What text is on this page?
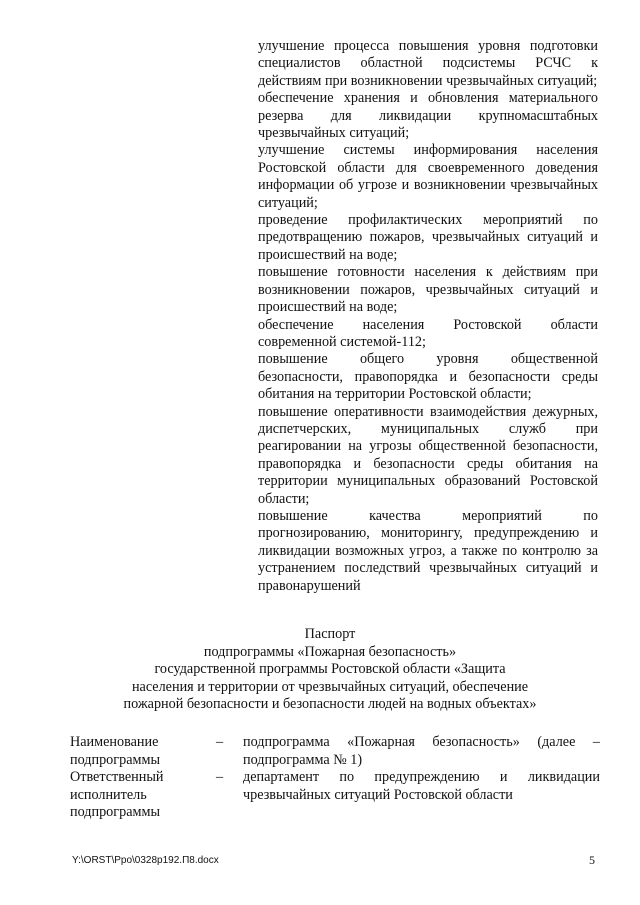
улучшение процесса повышения уровня подготовки специалистов областной подсистемы РСЧС к действиям при возникновении чрезвычайных ситуаций;

обеспечение хранения и обновления материального резерва для ликвидации крупномасштабных чрезвычайных ситуаций;

улучшение системы информирования населения Ростовской области для своевременного доведения информации об угрозе и возникновении чрезвычайных ситуаций;

проведение профилактических мероприятий по предотвращению пожаров, чрезвычайных ситуаций и происшествий на воде;

повышение готовности населения к действиям при возникновении пожаров, чрезвычайных ситуаций и происшествий на воде;

обеспечение населения Ростовской области современной системой-112;

повышение общего уровня общественной безопасности, правопорядка и безопасности среды обитания на территории Ростовской области;

повышение оперативности взаимодействия дежурных, диспетчерских, муниципальных служб при реагировании на угрозы общественной безопасности, правопорядка и безопасности среды обитания на территории муниципальных образований Ростовской области;

повышение качества мероприятий по прогнозированию, мониторингу, предупреждению и ликвидации возможных угроз, а также по контролю за устранением последствий чрезвычайных ситуаций и правонарушений

Паспорт
подпрограммы «Пожарная безопасность»
государственной программы Ростовской области «Защита
населения и территории от чрезвычайных ситуаций, обеспечение
пожарной безопасности и безопасности людей на водных объектах»
Наименование
подпрограммы
–	подпрограмма «Пожарная безопасность» (далее – подпрограмма № 1)
Ответственный
исполнитель
подпрограммы
–	департамент по предупреждению и ликвидации чрезвычайных ситуаций Ростовской области
Y:\ORST\Ppo\0328p192.П8.docx	5
